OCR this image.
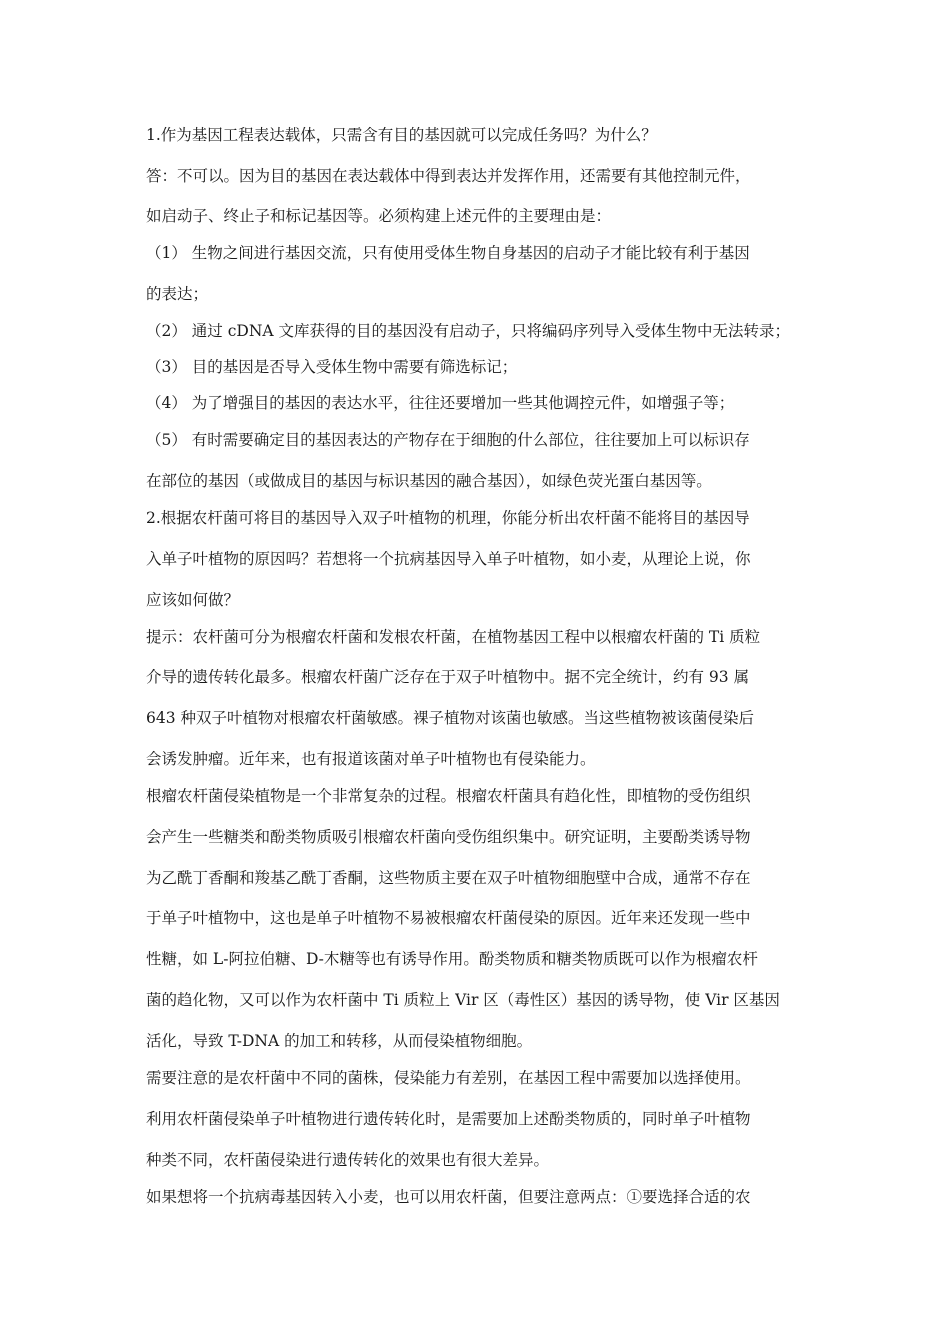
1.作为基因工程表达载体，只需含有目的基因就可以完成任务吗？为什么？
答：不可以。因为目的基因在表达载体中得到表达并发挥作用，还需要有其他控制元件，
如启动子、终止子和标记基因等。必须构建上述元件的主要理由是：
（1） 生物之间进行基因交流，只有使用受体生物自身基因的启动子才能比较有利于基因
的表达；
（2） 通过 cDNA 文库获得的目的基因没有启动子，只将编码序列导入受体生物中无法转录；
（3） 目的基因是否导入受体生物中需要有筛选标记；
（4） 为了增强目的基因的表达水平，往往还要增加一些其他调控元件，如增强子等；
（5） 有时需要确定目的基因表达的产物存在于细胞的什么部位，往往要加上可以标识存
在部位的基因（或做成目的基因与标识基因的融合基因），如绿色荧光蛋白基因等。
2.根据农杆菌可将目的基因导入双子叶植物的机理，你能分析出农杆菌不能将目的基因导
入单子叶植物的原因吗？若想将一个抗病基因导入单子叶植物，如小麦，从理论上说，你
应该如何做？
提示：农杆菌可分为根瘤农杆菌和发根农杆菌，在植物基因工程中以根瘤农杆菌的 Ti 质粒
介导的遗传转化最多。根瘤农杆菌广泛存在于双子叶植物中。据不完全统计，约有 93 属
643 种双子叶植物对根瘤农杆菌敏感。裸子植物对该菌也敏感。当这些植物被该菌侵染后
会诱发肿瘤。近年来，也有报道该菌对单子叶植物也有侵染能力。
根瘤农杆菌侵染植物是一个非常复杂的过程。根瘤农杆菌具有趋化性，即植物的受伤组织
会产生一些糖类和酚类物质吸引根瘤农杆菌向受伤组织集中。研究证明，主要酚类诱导物
为乙酰丁香酮和羧基乙酰丁香酮，这些物质主要在双子叶植物细胞壁中合成，通常不存在
于单子叶植物中，这也是单子叶植物不易被根瘤农杆菌侵染的原因。近年来还发现一些中
性糖，如 L-阿拉伯糖、D-木糖等也有诱导作用。酚类物质和糖类物质既可以作为根瘤农杆
菌的趋化物，又可以作为农杆菌中 Ti 质粒上 Vir 区（毒性区）基因的诱导物，使 Vir 区基因
活化，导致 T-DNA 的加工和转移，从而侵染植物细胞。
需要注意的是农杆菌中不同的菌株，侵染能力有差别，在基因工程中需要加以选择使用。
利用农杆菌侵染单子叶植物进行遗传转化时，是需要加上述酚类物质的，同时单子叶植物
种类不同，农杆菌侵染进行遗传转化的效果也有很大差异。
如果想将一个抗病毒基因转入小麦，也可以用农杆菌，但要注意两点：①要选择合适的农
